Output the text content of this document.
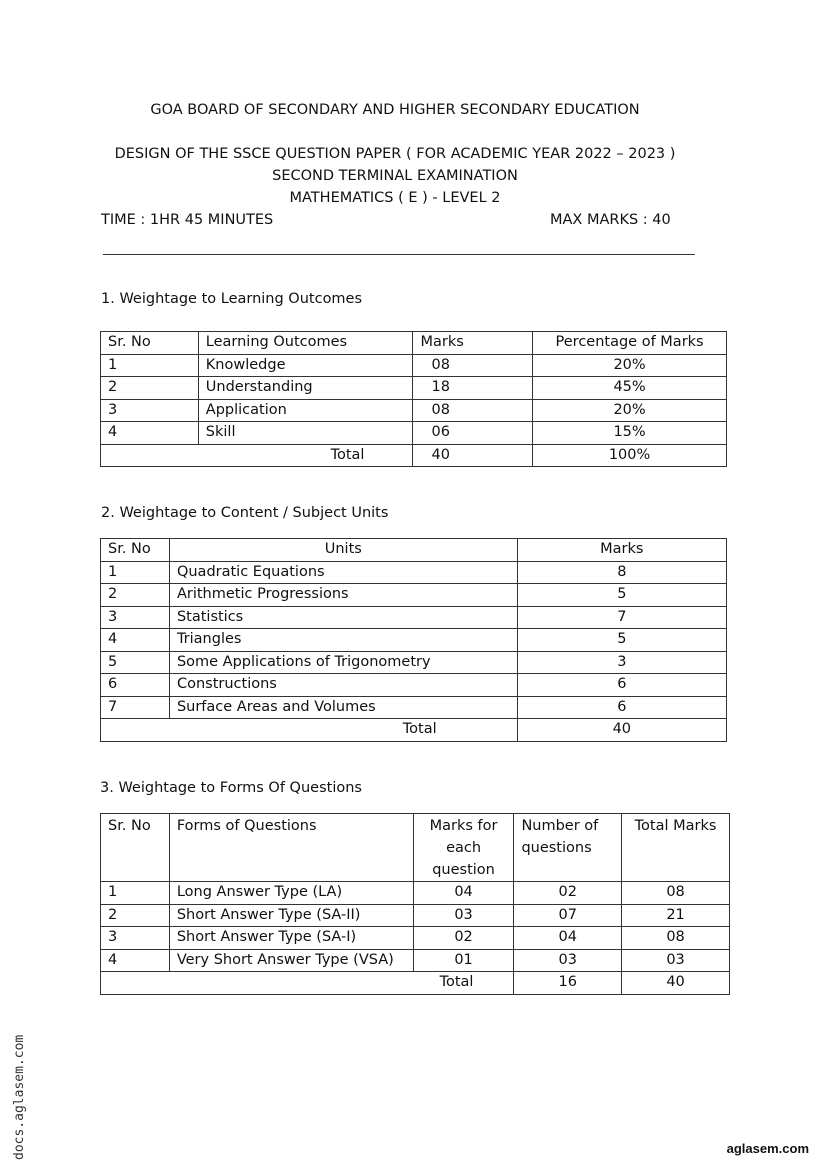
GOA BOARD OF SECONDARY AND HIGHER SECONDARY EDUCATION
DESIGN OF THE SSCE QUESTION PAPER ( FOR ACADEMIC YEAR 2022 – 2023 )
SECOND TERMINAL EXAMINATION
MATHEMATICS ( E ) - LEVEL 2
TIME : 1HR 45 MINUTES	MAX MARKS : 40
1. Weightage to Learning Outcomes
Sr. No	Learning Outcomes	Marks	Percentage of Marks
1	Knowledge	08	20%
2	Understanding	18	45%
3	Application	08	20%
4	Skill	06	15%
Total		40	100%
2. Weightage to Content / Subject Units
Sr. No	Units	Marks
1	Quadratic Equations	8
2	Arithmetic Progressions	5
3	Statistics	7
4	Triangles	5
5	Some Applications of Trigonometry	3
6	Constructions	6
7	Surface Areas and Volumes	6
Total		40
3. Weightage to Forms Of Questions
Sr. No	Forms of Questions	Marks for each question	Number of questions	Total Marks
1	Long Answer Type (LA)	04	02	08
2	Short Answer Type (SA-II)	03	07	21
3	Short Answer Type (SA-I)	02	04	08
4	Very Short Answer Type (VSA)	01	03	03
Total			16	40
docs.aglasem.com	aglasem.com
